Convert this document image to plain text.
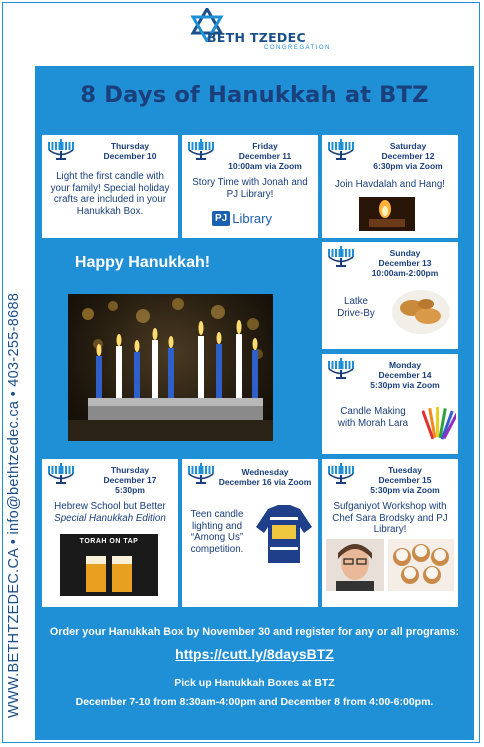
BETH TZEDEC
CONGREGATION
WWW.BETHTZEDEC.CA • info@bethtzedec.ca • 403-255-8688
8 Days of Hanukkah at BTZ
Thursday
December 10
Light the first candle with your family! Special holiday crafts are included in your Hanukkah Box.
Friday
December 11
10:00am via Zoom
Story Time with Jonah and PJ Library!
PJ Library
Saturday
December 12
6:30pm via Zoom
Join Havdalah and Hang!
Happy Hanukkah!
Sunday
December 13
10:00am-2:00pm
Latke
Drive-By
Monday
December 14
5:30pm via Zoom
Candle Making
with Morah Lara
Thursday
December 17
5:30pm
Hebrew School but Better
Special Hanukkah Edition
TORAH ON TAP
Wednesday
December 16 via Zoom
Teen candle lighting and “Among Us” competition.
Tuesday
December 15
5:30pm via Zoom
Sufganiyot Workshop with Chef Sara Brodsky and PJ Library!
Order your Hanukkah Box by November 30 and register for any or all programs:
https://cutt.ly/8daysBTZ
Pick up Hanukkah Boxes at BTZ
December 7-10 from 8:30am-4:00pm and December 8 from 4:00-6:00pm.
